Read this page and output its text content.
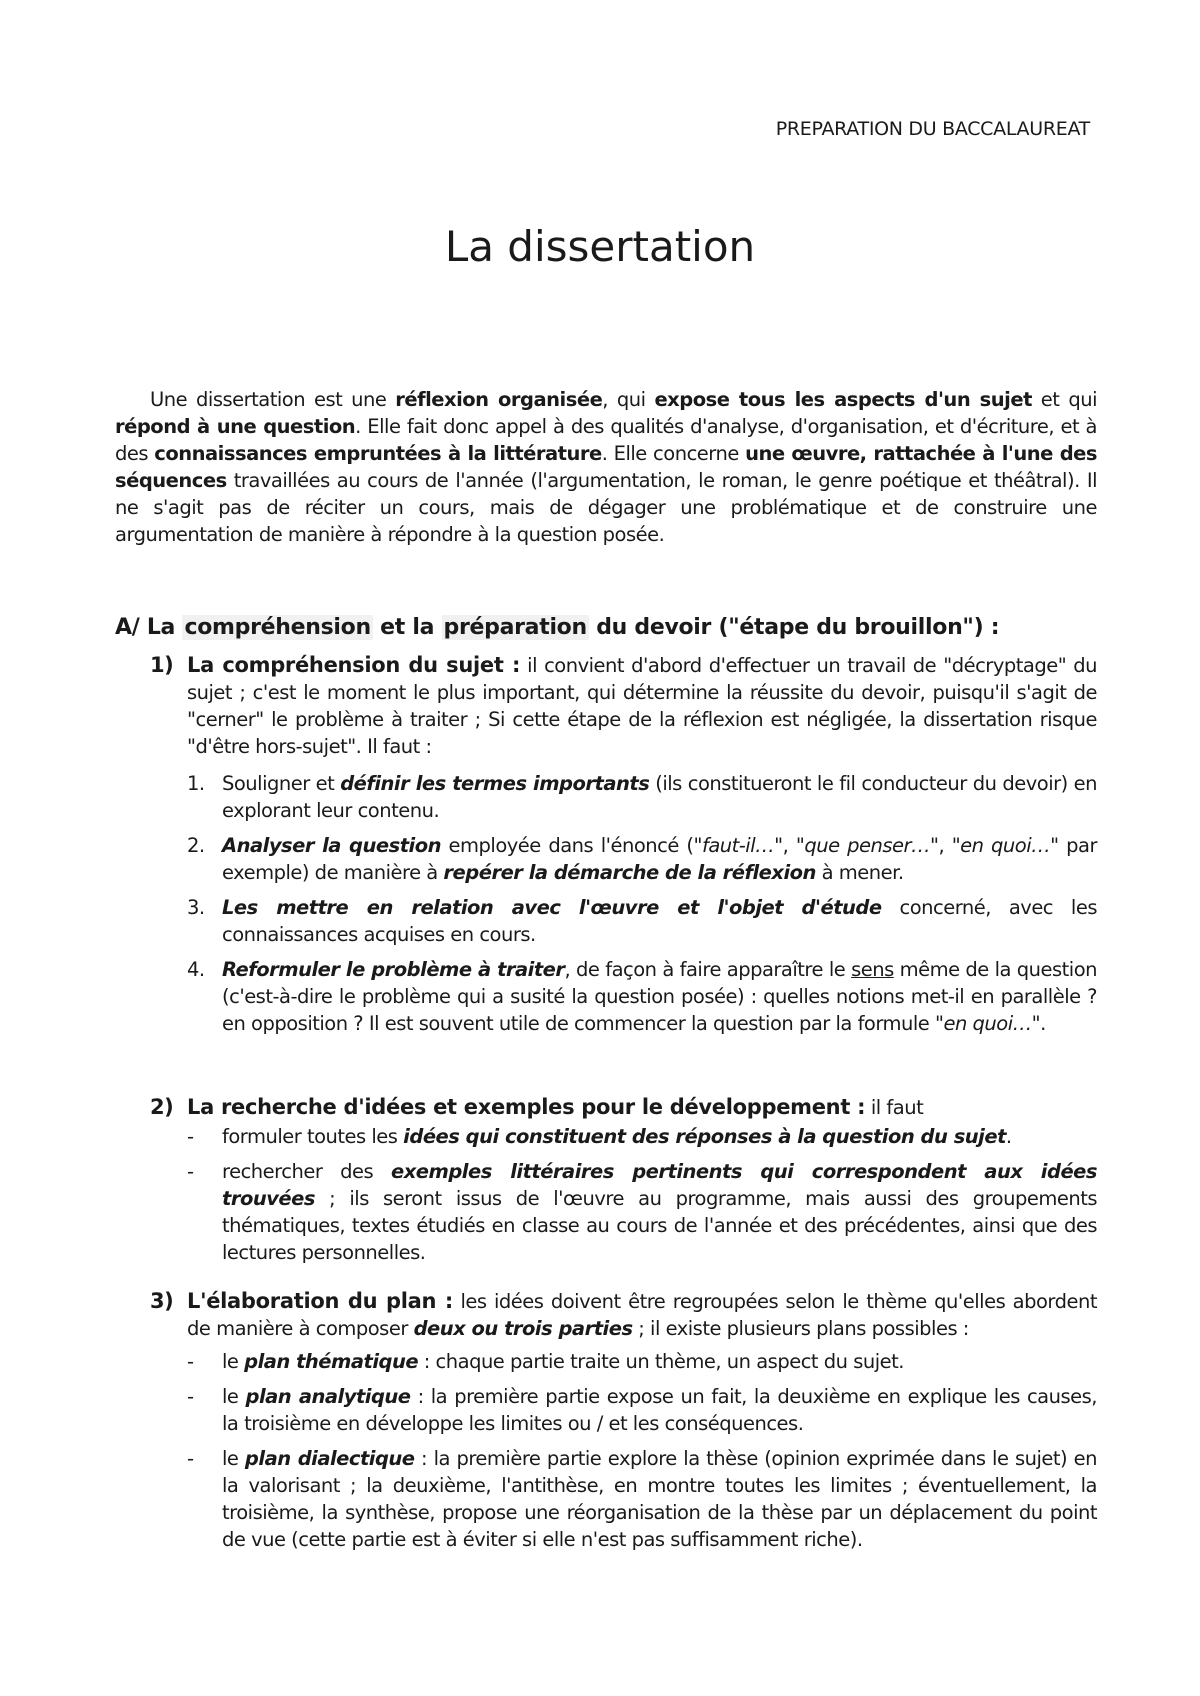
PREPARATION DU BACCALAUREAT
La dissertation

Une dissertation est une réflexion organisée, qui expose tous les aspects d'un sujet et qui répond à une question. Elle fait donc appel à des qualités d'analyse, d'organisation, et d'écriture, et à des connaissances empruntées à la littérature. Elle concerne une œuvre, rattachée à l'une des séquences travaillées au cours de l'année (l'argumentation, le roman, le genre poétique et théâtral). Il ne s'agit pas de réciter un cours, mais de dégager une problématique et de construire une argumentation de manière à répondre à la question posée.

A/ La compréhension et la préparation du devoir ("étape du brouillon") :

1) La compréhension du sujet : il convient d'abord d'effectuer un travail de "décryptage" du sujet ; c'est le moment le plus important, qui détermine la réussite du devoir, puisqu'il s'agit de "cerner" le problème à traiter ; Si cette étape de la réflexion est négligée, la dissertation risque "d'être hors-sujet". Il faut :
1. Souligner et définir les termes importants (ils constitueront le fil conducteur du devoir) en explorant leur contenu.
2. Analyser la question employée dans l'énoncé ("faut-il…", "que penser…", "en quoi…" par exemple) de manière à repérer la démarche de la réflexion à mener.
3. Les mettre en relation avec l'œuvre et l'objet d'étude concerné, avec les connaissances acquises en cours.
4. Reformuler le problème à traiter, de façon à faire apparaître le sens même de la question (c'est-à-dire le problème qui a susité la question posée) : quelles notions met-il en parallèle ? en opposition ? Il est souvent utile de commencer la question par la formule "en quoi…".
2) La recherche d'idées et exemples pour le développement : il faut
- formuler toutes les idées qui constituent des réponses à la question du sujet.
- rechercher des exemples littéraires pertinents qui correspondent aux idées trouvées ; ils seront issus de l'œuvre au programme, mais aussi des groupements thématiques, textes étudiés en classe au cours de l'année et des précédentes, ainsi que des lectures personnelles.
3) L'élaboration du plan : les idées doivent être regroupées selon le thème qu'elles abordent de manière à composer deux ou trois parties ; il existe plusieurs plans possibles :
- le plan thématique : chaque partie traite un thème, un aspect du sujet.
- le plan analytique : la première partie expose un fait, la deuxième en explique les causes, la troisième en développe les limites ou / et les conséquences.
- le plan dialectique : la première partie explore la thèse (opinion exprimée dans le sujet) en la valorisant ; la deuxième, l'antithèse, en montre toutes les limites ; éventuellement, la troisième, la synthèse, propose une réorganisation de la thèse par un déplacement du point de vue (cette partie est à éviter si elle n'est pas suffisamment riche).
